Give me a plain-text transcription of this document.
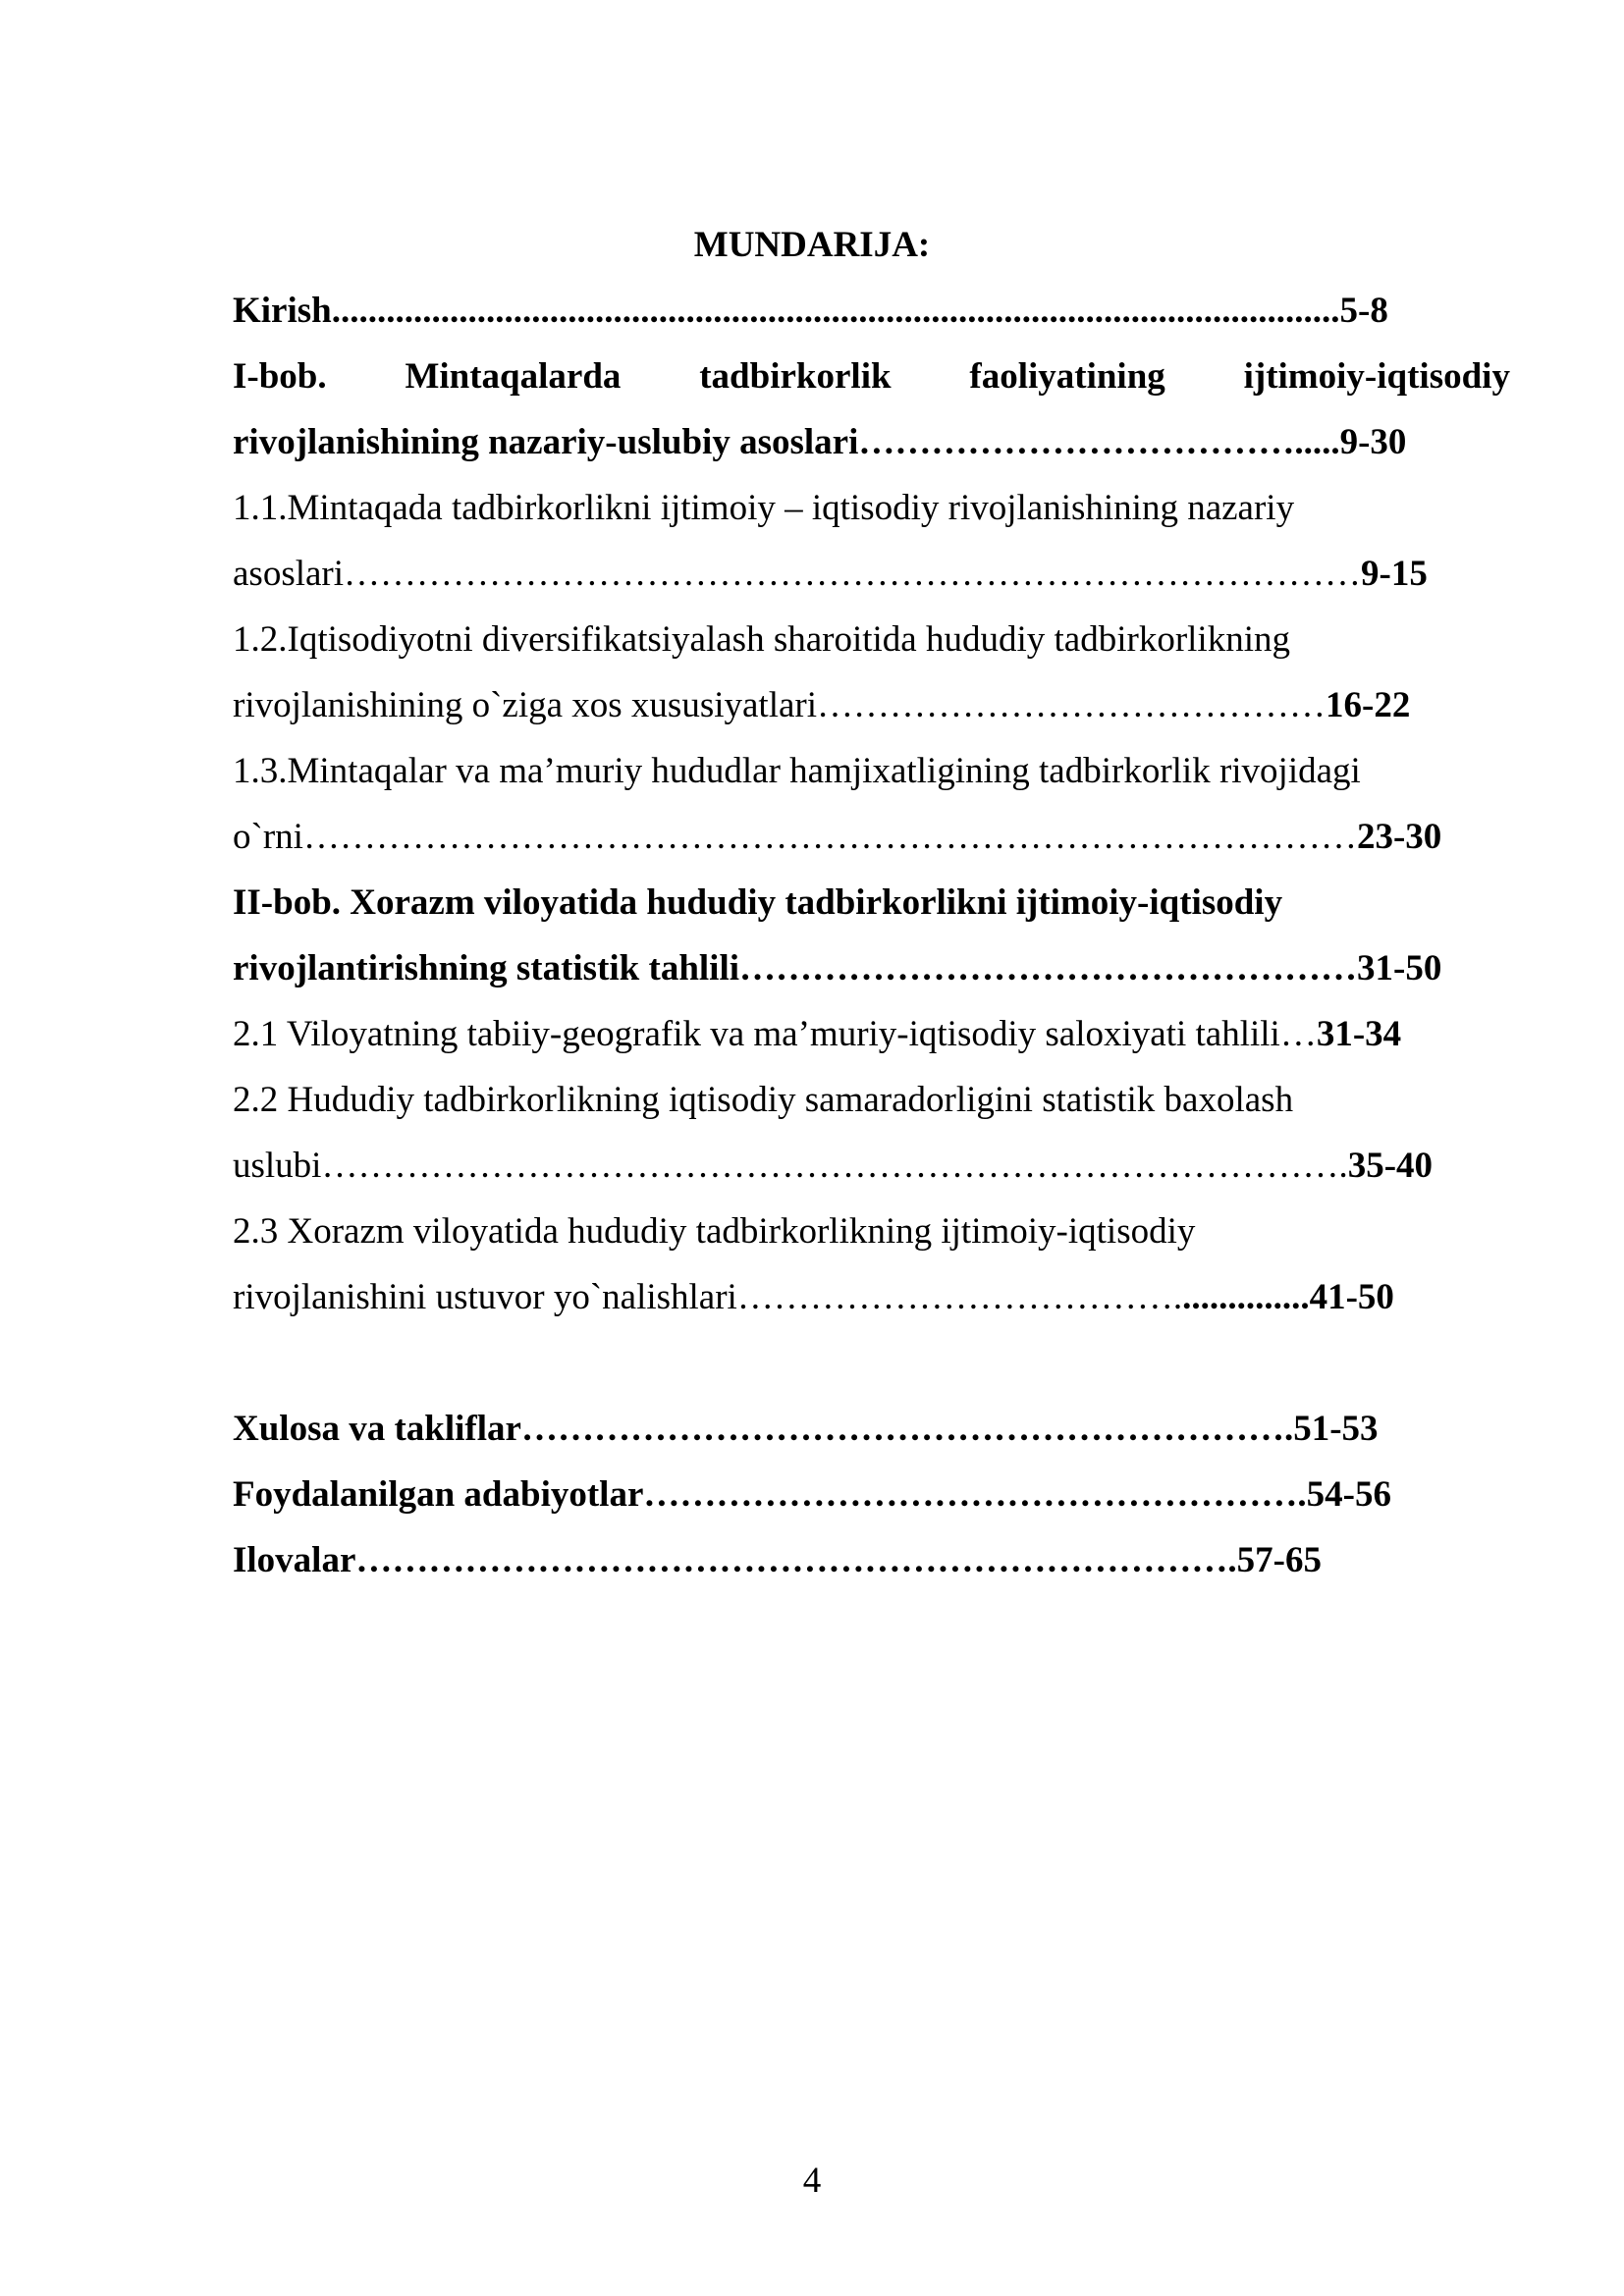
MUNDARIJA:
Kirish...............................................................................................................5-8
I-bob. Mintaqalarda tadbirkorlik faoliyatining ijtimoiy-iqtisodiy
rivojlanishining nazariy-uslubiy asoslari……………………………….....9-30
1.1.Mintaqada tadbirkorlikni ijtimoiy – iqtisodiy rivojlanishining nazariy
asoslari…………………………………………………………………………9-15
1.2.Iqtisodiyotni diversifikatsiyalash sharoitida hududiy tadbirkorlikning
rivojlanishining o`ziga xos xususiyatlari……………………………………16-22
1.3.Mintaqalar va ma’muriy hududlar hamjixatligining tadbirkorlik rivojidagi
o`rni……………………………………………………………………………23-30
II-bob. Xorazm viloyatida hududiy tadbirkorlikni ijtimoiy-iqtisodiy
rivojlantirishning statistik tahlili……………………………………………31-50
2.1 Viloyatning tabiiy-geografik va ma’muriy-iqtisodiy saloxiyati tahlili…31-34
2.2 Hududiy tadbirkorlikning iqtisodiy samaradorligini statistik baxolash
uslubi………………………………………………………………………….35-40
2.3 Xorazm viloyatida hududiy tadbirkorlikning ijtimoiy-iqtisodiy
rivojlanishini ustuvor yo`nalishlari………………………………...............41-50
Xulosa va takliflar……………………………………………………….51-53
Foydalanilgan adabiyotlar……………………………………………….54-56
Ilovalar……………………………………………………………….57-65
4
